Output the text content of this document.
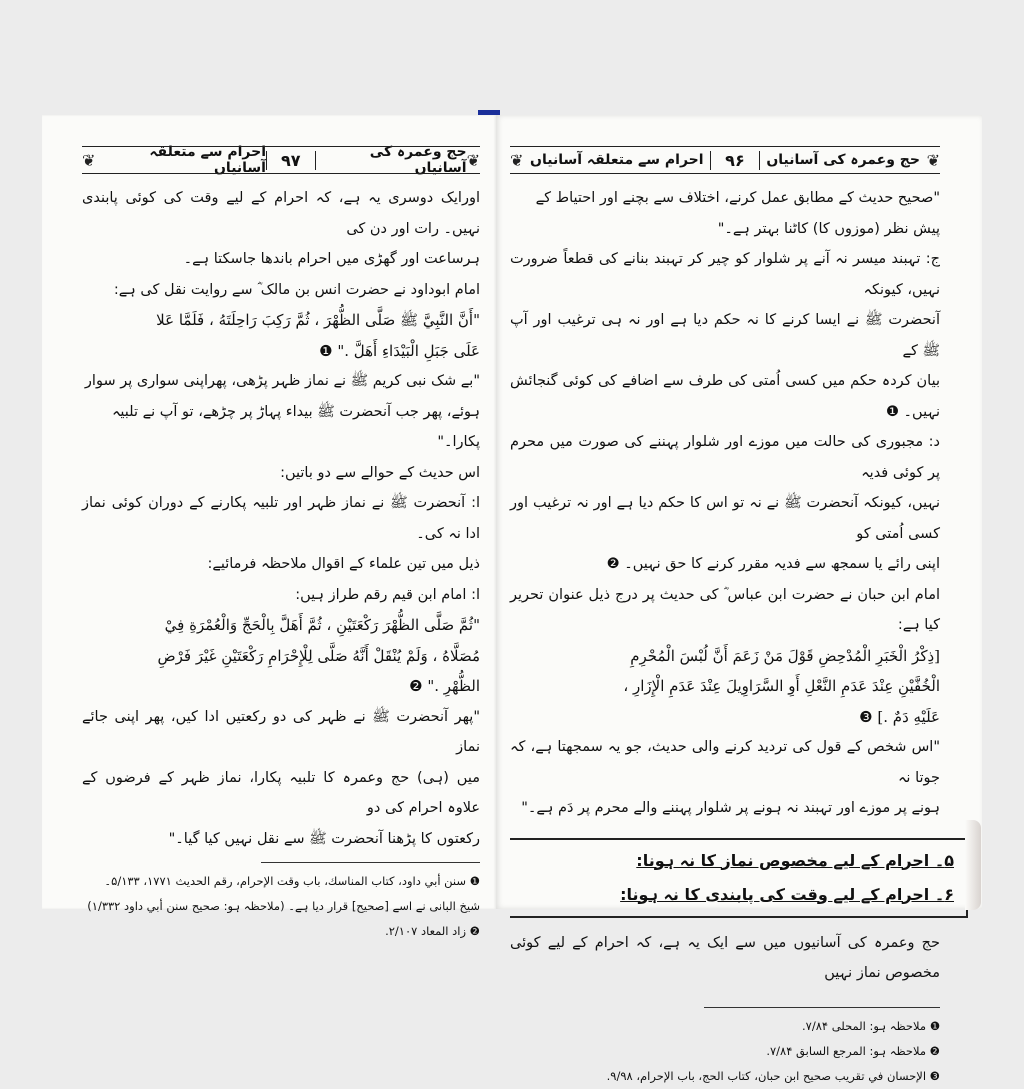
❦
حج وعمرہ کی آسانیاں
۹۷
احرام سے متعلقہ آسانیاں
❦

اورایک دوسری یہ ہے، کہ احرام کے لیے وقت کی کوئی پابندی نہیں۔ رات اور دن کی

ہرساعت اور گھڑی میں احرام باندھا جاسکتا ہے۔

امام ابوداود نے حضرت انس بن مالک ؓ سے روایت نقل کی ہے:

"أَنَّ النَّبِيَّ ﷺ صَلَّى الظُّهْرَ ، ثُمَّ رَكِبَ رَاحِلَتَهُ ، فَلَمَّا عَلا

عَلَى جَبَلِ الْبَيْدَاءِ أَهَلَّ ." ❶

"بے شک نبی کریم ﷺ نے نماز ظہر پڑھی، پھراپنی سواری پر سوار

ہوئے، پھر جب آنحضرت ﷺ بیداء پہاڑ پر چڑھے، تو آپ نے تلبیہ

پکارا۔"

اس حدیث کے حوالے سے دو باتیں:

ا: آنحضرت ﷺ نے نماز ظہر اور تلبیہ پکارنے کے دوران کوئی نماز ادا نہ کی۔

ذیل میں تین علماء کے اقوال ملاحظہ فرمائیے:

ا: امام ابن قیم رقم طراز ہیں:

"ثُمَّ صَلَّى الظُّهْرَ رَكْعَتَيْنِ ، ثُمَّ أَهَلَّ بِالْحَجِّ وَالْعُمْرَةِ فِيْ

مُصَلَّاهُ ، وَلَمْ يُنْقَلْ أَنَّهُ صَلَّى لِلْإِحْرَامِ رَكْعَتَيْنِ غَيْرَ فَرْضِ

الظُّهْرِ ." ❷

"پھر آنحضرت ﷺ نے ظہر کی دو رکعتیں ادا کیں، پھر اپنی جائے نماز

میں (ہی) حج وعمرہ کا تلبیہ پکارا، نماز ظہر کے فرضوں کے علاوہ احرام کی دو

رکعتوں کا پڑھنا آنحضرت ﷺ سے نقل نہیں کیا گیا۔"

❶ سنن أبي داود، كتاب المناسك، باب وقت الإحرام، رقم الحديث ۱۷۷۱، ۵/۱۳۳۔ شیخ البانی نے اسے [صحیح] قرار دیا ہے۔ (ملاحظہ ہو: صحیح سنن أبي داود ۱/۳۳۲)

❷ زاد المعاد ۲/۱۰۷.

❦
حج وعمرہ کی آسانیاں
۹۶
احرام سے متعلقہ آسانیاں
❦

"صحیح حدیث کے مطابق عمل کرنے، اختلاف سے بچنے اور احتیاط کے

پیش نظر (موزوں کا) کاٹنا بہتر ہے۔"

ج: تہبند میسر نہ آنے پر شلوار کو چیر کر تہبند بنانے کی قطعاً ضرورت نہیں، کیونکہ

آنحضرت ﷺ نے ایسا کرنے کا نہ حکم دیا ہے اور نہ ہی ترغیب اور آپ ﷺ کے

بیان کردہ حکم میں کسی اُمتی کی طرف سے اضافے کی کوئی گنجائش نہیں۔ ❶

د: مجبوری کی حالت میں موزے اور شلوار پہننے کی صورت میں محرم پر کوئی فدیہ

نہیں، کیونکہ آنحضرت ﷺ نے نہ تو اس کا حکم دیا ہے اور نہ ترغیب اور کسی اُمتی کو

اپنی رائے یا سمجھ سے فدیہ مقرر کرنے کا حق نہیں۔ ❷

امام ابن حبان نے حضرت ابن عباس ؓ کی حدیث پر درج ذیل عنوان تحریر کیا ہے:

[ذِكْرُ الْخَبَرِ الْمُدْحِضِ قَوْلَ مَنْ زَعَمَ أَنَّ لُبْسَ الْمُحْرِمِ

الْخُفَّيْنِ عِنْدَ عَدَمِ النَّعْلِ أَوِ السَّرَاوِيلَ عِنْدَ عَدَمِ الْإِزَارِ ،

عَلَيْهِ دَمٌ .] ❸

"اس شخص کے قول کی تردید کرنے والی حدیث، جو یہ سمجھتا ہے، کہ جوتا نہ

ہونے پر موزے اور تہبند نہ ہونے پر شلوار پہننے والے محرم پر دَم ہے۔"

۵۔ احرام کے لیے مخصوص نماز کا نہ ہونا:
۶۔ احرام کے لیے وقت کی پابندی کا نہ ہونا:

حج وعمرہ کی آسانیوں میں سے ایک یہ ہے، کہ احرام کے لیے کوئی مخصوص نماز نہیں

❶ ملاحظہ ہو: المحلی ۷/۸۴.

❷ ملاحظہ ہو: المرجع السابق ۷/۸۴.

❸ الإحسان في تقريب صحيح ابن حبان، كتاب الحج، باب الإحرام، ۹/۹۸.
